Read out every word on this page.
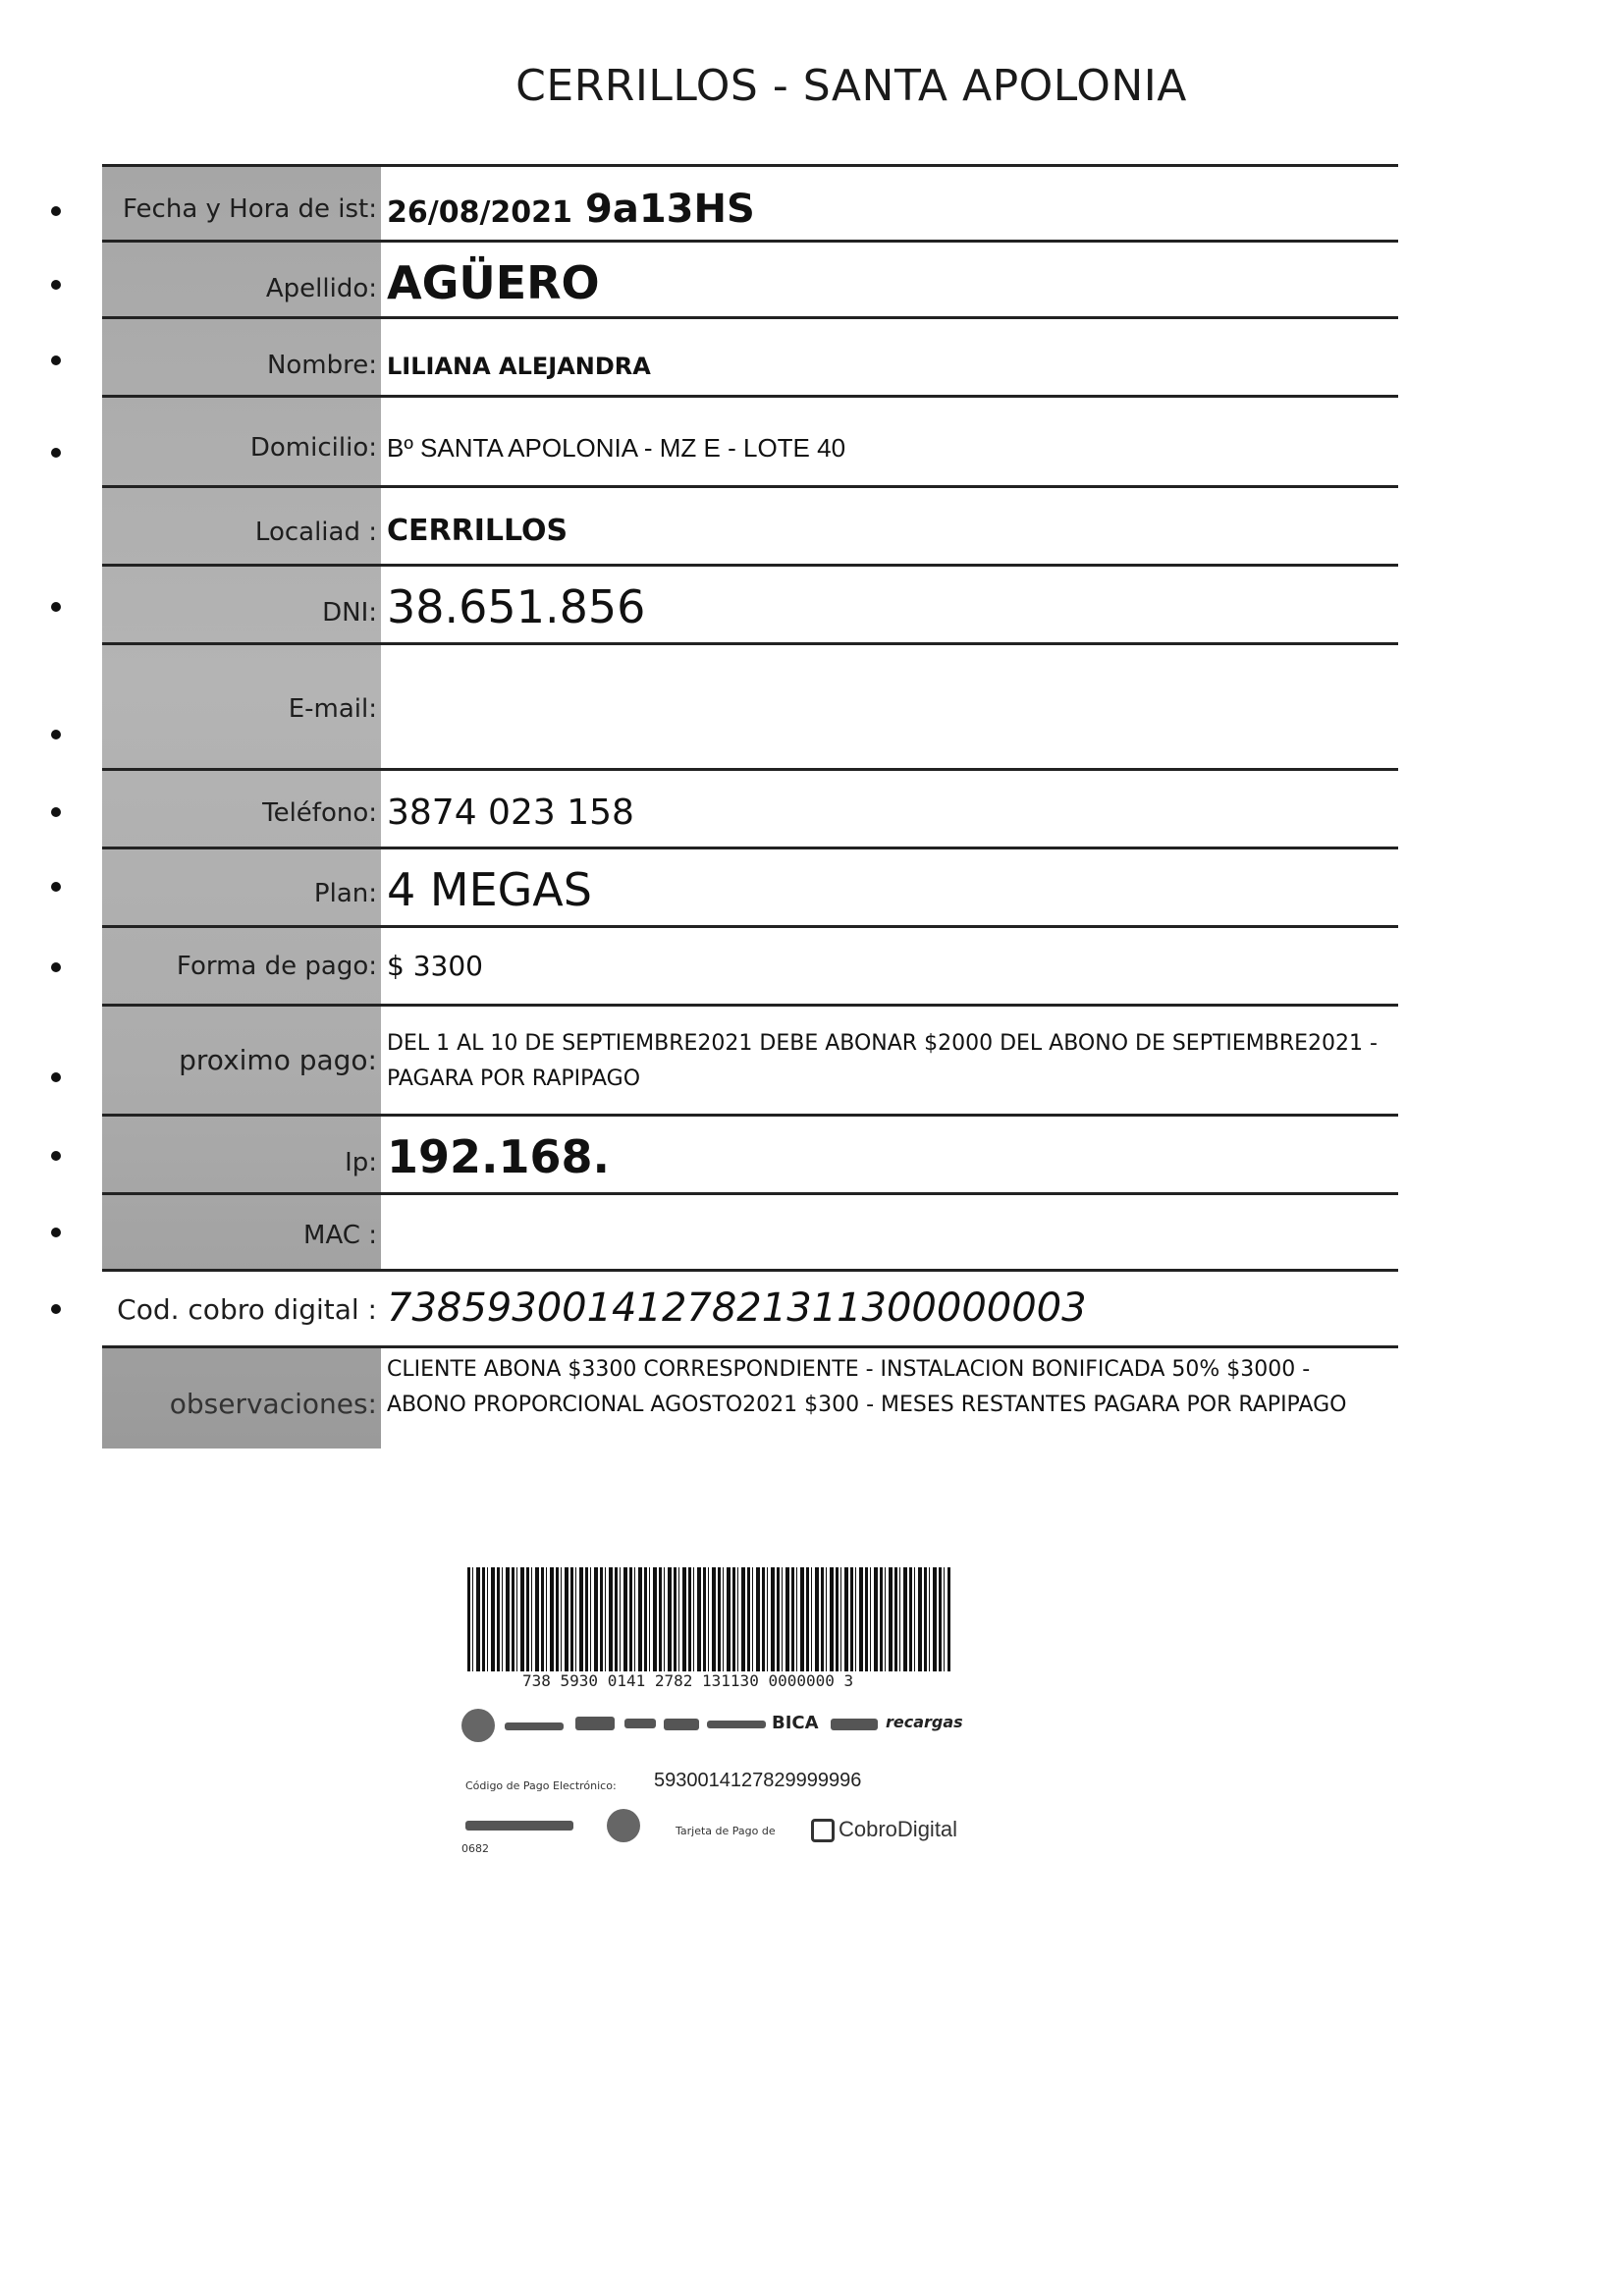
CERRILLOS - SANTA APOLONIA
Fecha y Hora de ist: 26/08/2021 9a13HS
Apellido: AGÜERO
Nombre: LILIANA ALEJANDRA
Domicilio: Bº SANTA APOLONIA - MZ E - LOTE 40
Localiad : CERRILLOS
DNI: 38.651.856
E-mail:
Teléfono: 3874 023 158
Plan: 4 MEGAS
Forma de pago: $ 3300
proximo pago:
DEL 1 AL 10 DE SEPTIEMBRE2021 DEBE ABONAR $2000 DEL ABONO DE SEPTIEMBRE2021 -
PAGARA POR RAPIPAGO
Ip: 192.168.
MAC :
Cod. cobro digital : 7385930014127821311300000003
observaciones:
CLIENTE ABONA $3300 CORRESPONDIENTE - INSTALACION BONIFICADA 50% $3000 -
ABONO PROPORCIONAL AGOSTO2021 $300 - MESES RESTANTES PAGARA POR RAPIPAGO
738 5930 0141 2782 131130 0000000 3
BICA	recargas
Código de Pago Electrónico: 5930014127829999996
0682
Tarjeta de Pago de	CobroDigital
